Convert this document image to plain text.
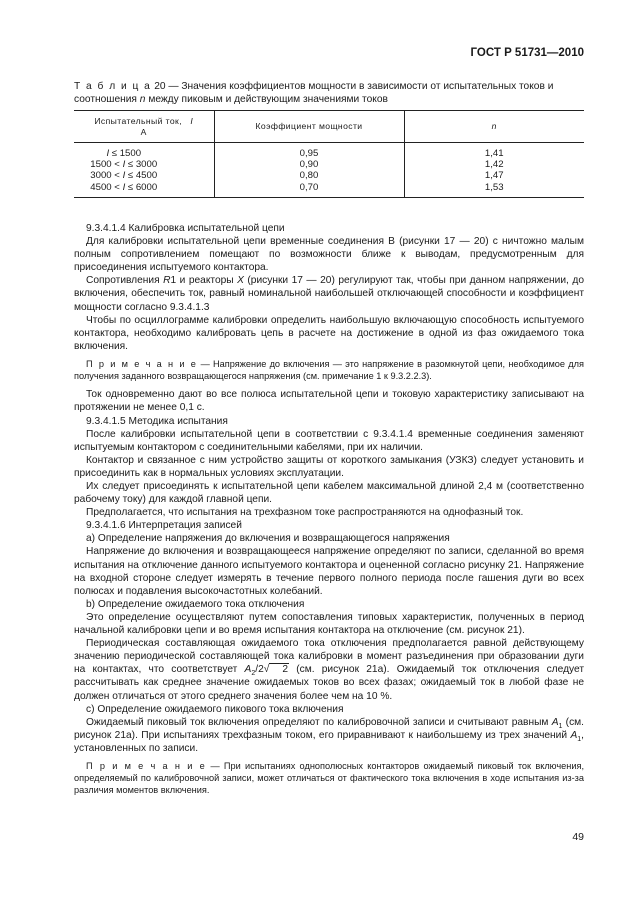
ГОСТ Р 51731—2010
Т а б л и ц а 20 — Значения коэффициентов мощности в зависимости от испытательных токов и соотношения n между пиковым и действующим значениями токов
Испытательный ток, I
А	Коэффициент мощности	n
I ≤ 1500	0,95	1,41
1500 < I ≤ 3000	0,90	1,42
3000 < I ≤ 4500	0,80	1,47
4500 < I ≤ 6000	0,70	1,53

9.3.4.1.4 Калибровка испытательной цепи

Для калибровки испытательной цепи временные соединения В (рисунки 17 — 20) с ничтожно малым полным сопротивлением помещают по возможности ближе к выводам, предусмотренным для присоединения испытуемого контактора.

Сопротивления R1 и реакторы X (рисунки 17 — 20) регулируют так, чтобы при данном напряжении, до включения, обеспечить ток, равный номинальной наибольшей отключающей способности и коэффициент мощности согласно 9.3.4.1.3

Чтобы по осциллограмме калибровки определить наибольшую включающую способность испытуемого контактора, необходимо калибровать цепь в расчете на достижение в одной из фаз ожидаемого тока включения.

П р и м е ч а н и е — Напряжение до включения — это напряжение в разомкнутой цепи, необходимое для получения заданного возвращающегося напряжения (см. примечание 1 к 9.3.2.2.3).

Ток одновременно дают во все полюса испытательной цепи и токовую характеристику записывают на протяжении не менее 0,1 с.

9.3.4.1.5 Методика испытания

После калибровки испытательной цепи в соответствии с 9.3.4.1.4 временные соединения заменяют испытуемым контактором с соединительными кабелями, при их наличии.

Контактор и связанное с ним устройство защиты от короткого замыкания (УЗКЗ) следует установить и присоединить как в нормальных условиях эксплуатации.

Их следует присоединять к испытательной цепи кабелем максимальной длиной 2,4 м (соответственно рабочему току) для каждой главной цепи.

Предполагается, что испытания на трехфазном токе распространяются на однофазный ток.

9.3.4.1.6 Интерпретация записей

а) Определение напряжения до включения и возвращающегося напряжения

Напряжение до включения и возвращающееся напряжение определяют по записи, сделанной во время испытания на отключение данного испытуемого контактора и оцененной согласно рисунку 21. Напряжение на входной стороне следует измерять в течение первого полного периода после гашения дуги во всех полюсах и подавления высокочастотных колебаний.

b) Определение ожидаемого тока отключения

Это определение осуществляют путем сопоставления типовых характеристик, полученных в период начальной калибровки цепи и во время испытания контактора на отключение (см. рисунок 21).

Периодическая составляющая ожидаемого тока отключения предполагается равной действующему значению периодической составляющей тока калибровки в момент разъединения при образовании дуги на контактах, что соответствует $A_2/2√$ 2 (см. рисунок 21а). Ожидаемый ток отключения следует рассчитывать как среднее значение ожидаемых токов во всех фазах; ожидаемый ток в любой фазе не должен отличаться от этого среднего значения более чем на 10 %.

с) Определение ожидаемого пикового тока включения

Ожидаемый пиковый ток включения определяют по калибровочной записи и считывают равным $A_1$ (см. рисунок 21а). При испытаниях трехфазным током, его приравнивают к наибольшему из трех значений $A_1$, установленных по записи.

П р и м е ч а н и е — При испытаниях однополюсных контакторов ожидаемый пиковый ток включения, определяемый по калибровочной записи, может отличаться от фактического тока включения в ходе испытания из-за различия моментов включения.

49
